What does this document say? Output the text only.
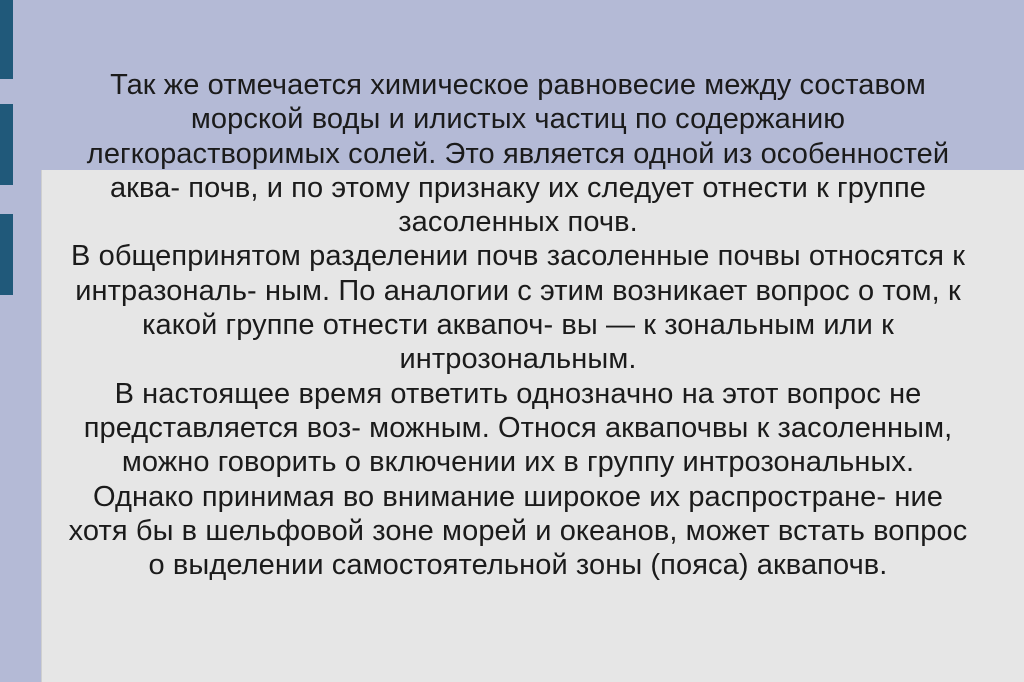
Так же отмечается химическое равновесие между составом
морской воды и илистых частиц по содержанию
легкорастворимых солей. Это является одной из особенностей
аква- почв, и по этому признаку их следует отнести к группе
засоленных почв.
В общепринятом разделении почв засоленные почвы относятся к
интразональ- ным. По аналогии с этим возникает вопрос о том, к
какой группе отнести аквапоч- вы — к зональным или к
интрозональным.
В настоящее время ответить однозначно на этот вопрос не
представляется воз- можным. Относя аквапочвы к засоленным,
можно говорить о включении их в группу интрозональных.
Однако принимая во внимание широкое их распростране- ние
хотя бы в шельфовой зоне морей и океанов, может встать вопрос
о выделении самостоятельной зоны (пояса) аквапочв.
